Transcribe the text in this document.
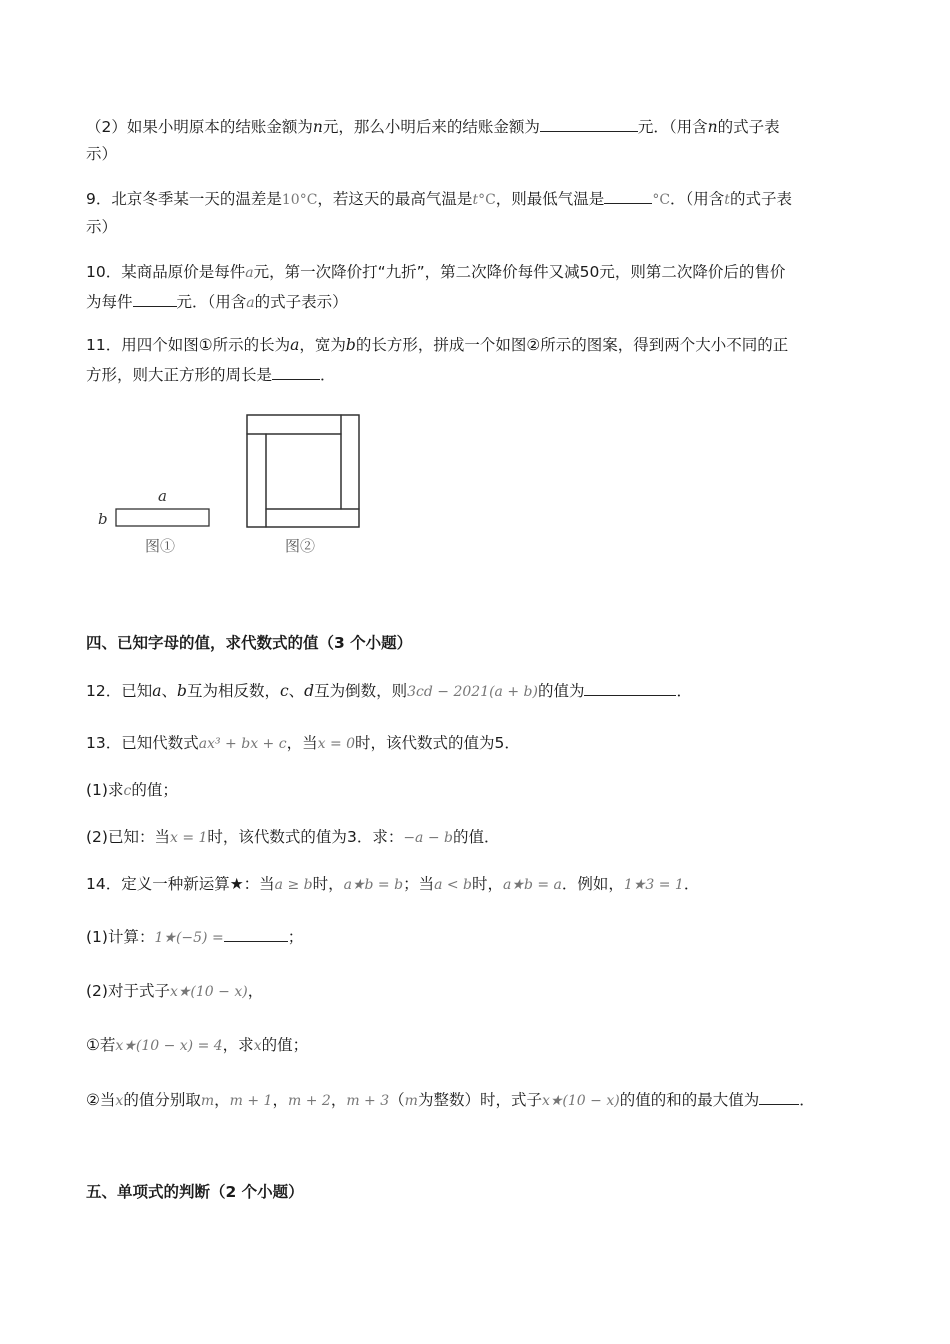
（2）如果小明原本的结账金额为n元，那么小明后来的结账金额为	元．（用含n的式子表
示）
9．北京冬季某一天的温差是10°C，若这天的最高气温是t°C，则最低气温是	°C．（用含t的式子表
示）
10．某商品原价是每件a元，第一次降价打“九折”，第二次降价每件又减50元，则第二次降价后的售价
为每件	元．（用含a的式子表示）
11．用四个如图①所示的长为a，宽为b的长方形，拼成一个如图②所示的图案，得到两个大小不同的正
方形，则大正方形的周长是	．
a
b
图①	图②
四、已知字母的值，求代数式的值（3 个小题）
12．已知a、b互为相反数，c、d互为倒数，则3cd − 2021(a + b)的值为	．
13．已知代数式ax³ + bx + c，当x = 0时，该代数式的值为5．
(1)求c的值；
(2)已知：当x = 1时，该代数式的值为3．求：−a − b的值．
14．定义一种新运算★：当a ≥ b时，a★b = b；当a < b时，a★b = a．例如，1★3 = 1．
(1)计算：1★(−5) =	；
(2)对于式子x★(10 − x)，
①若x★(10 − x) = 4，求x的值；
②当x的值分别取m，m + 1，m + 2，m + 3（m为整数）时，式子x★(10 − x)的值的和的最大值为	．
五、单项式的判断（2 个小题）
